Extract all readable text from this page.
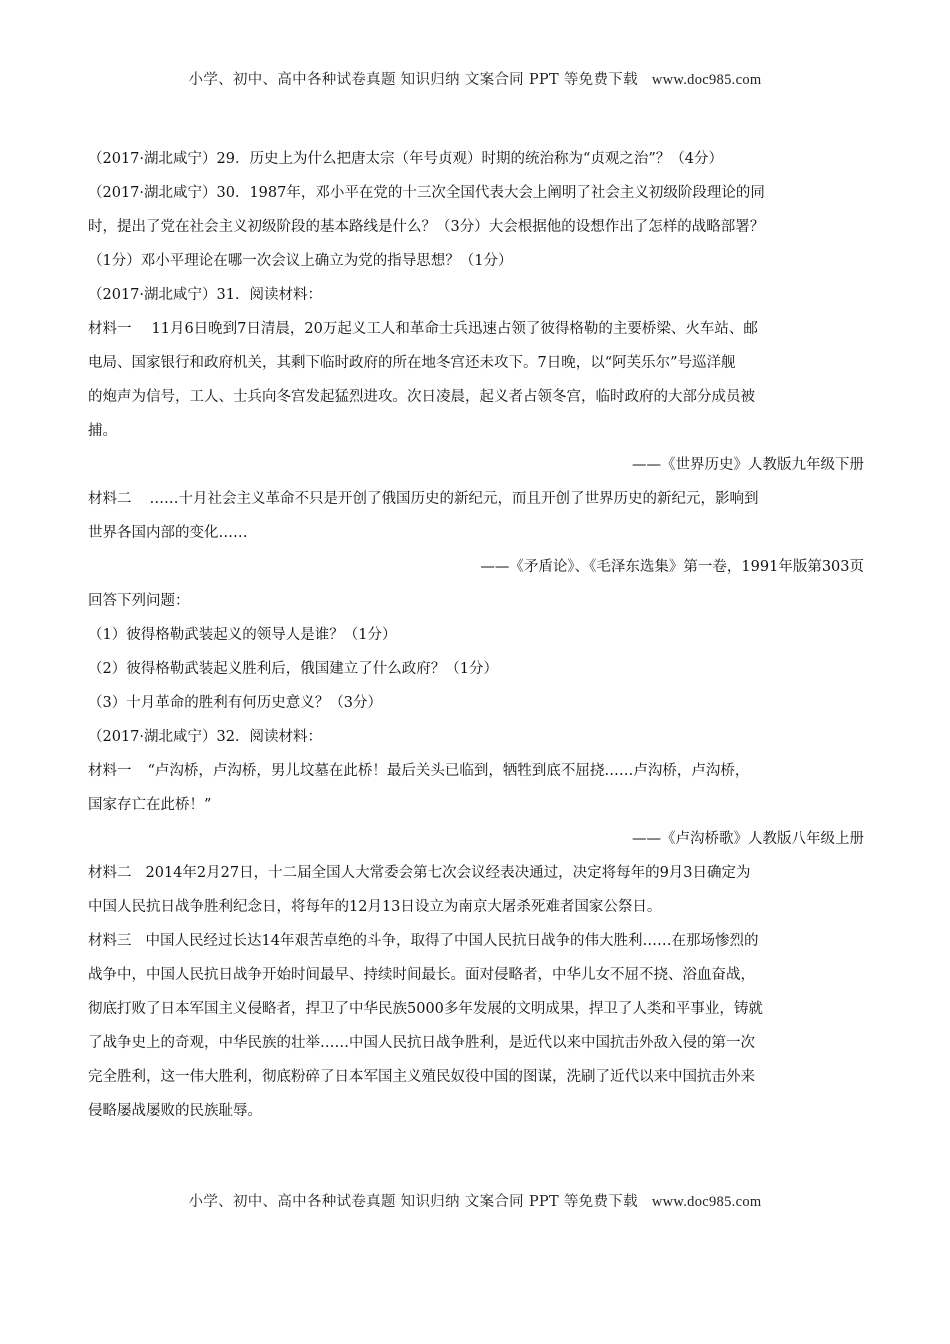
小学、初中、高中各种试卷真题 知识归纳 文案合同 PPT 等免费下载 www.doc985.com
（2017·湖北咸宁）29．历史上为什么把唐太宗（年号贞观）时期的统治称为“贞观之治”？（4分）
（2017·湖北咸宁）30．1987年，邓小平在党的十三次全国代表大会上阐明了社会主义初级阶段理论的同
时，提出了党在社会主义初级阶段的基本路线是什么？（3分）大会根据他的设想作出了怎样的战略部署？
（1分）邓小平理论在哪一次会议上确立为党的指导思想？（1分）
（2017·湖北咸宁）31．阅读材料：
材料一 11月6日晚到7日清晨，20万起义工人和革命士兵迅速占领了彼得格勒的主要桥梁、火车站、邮
电局、国家银行和政府机关，其剩下临时政府的所在地冬宫还未攻下。7日晚，以“阿芙乐尔”号巡洋舰
的炮声为信号，工人、士兵向冬宫发起猛烈进攻。次日凌晨，起义者占领冬宫，临时政府的大部分成员被
捕。
——《世界历史》人教版九年级下册
材料二 ……十月社会主义革命不只是开创了俄国历史的新纪元，而且开创了世界历史的新纪元，影响到
世界各国内部的变化……
——《矛盾论》、《毛泽东选集》第一卷，1991年版第303页
回答下列问题：
（1）彼得格勒武装起义的领导人是谁？（1分）
（2）彼得格勒武装起义胜利后，俄国建立了什么政府？（1分）
（3）十月革命的胜利有何历史意义？（3分）
（2017·湖北咸宁）32．阅读材料：
材料一 “卢沟桥，卢沟桥，男儿坟墓在此桥！最后关头已临到，牺牲到底不屈挠……卢沟桥，卢沟桥，
国家存亡在此桥！”
——《卢沟桥歌》人教版八年级上册
材料二 2014年2月27日，十二届全国人大常委会第七次会议经表决通过，决定将每年的9月3日确定为
中国人民抗日战争胜利纪念日，将每年的12月13日设立为南京大屠杀死难者国家公祭日。
材料三 中国人民经过长达14年艰苦卓绝的斗争，取得了中国人民抗日战争的伟大胜利……在那场惨烈的
战争中，中国人民抗日战争开始时间最早、持续时间最长。面对侵略者，中华儿女不屈不挠、浴血奋战，
彻底打败了日本军国主义侵略者，捍卫了中华民族5000多年发展的文明成果，捍卫了人类和平事业，铸就
了战争史上的奇观，中华民族的壮举……中国人民抗日战争胜利，是近代以来中国抗击外敌入侵的第一次
完全胜利，这一伟大胜利，彻底粉碎了日本军国主义殖民奴役中国的图谋，洗刷了近代以来中国抗击外来
侵略屡战屡败的民族耻辱。
小学、初中、高中各种试卷真题 知识归纳 文案合同 PPT 等免费下载 www.doc985.com
